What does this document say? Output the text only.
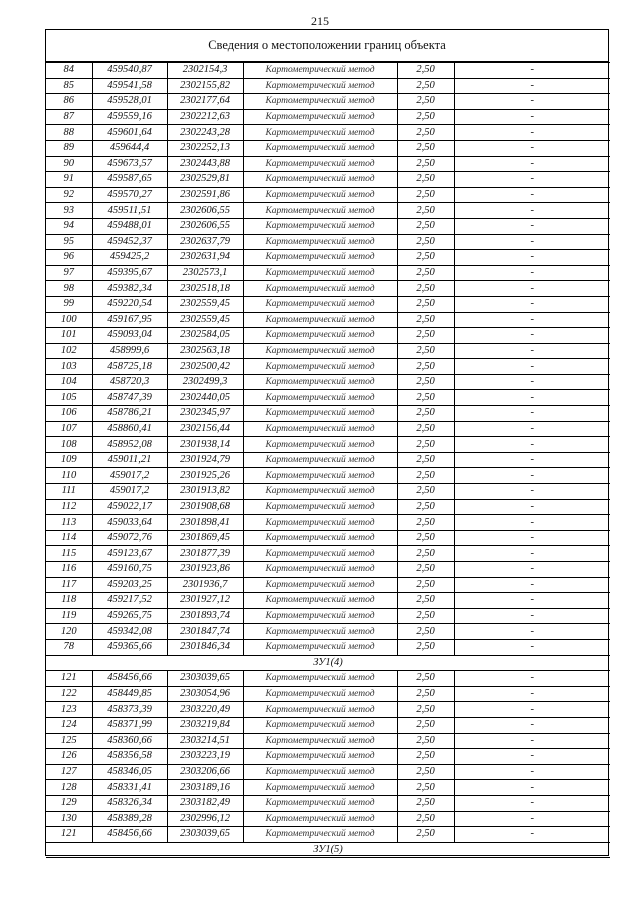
215
Сведения о местоположении границ объекта
84	459540,87	2302154,3	Картометрический метод	2,50	-
85	459541,58	2302155,82	Картометрический метод	2,50	-
86	459528,01	2302177,64	Картометрический метод	2,50	-
87	459559,16	2302212,63	Картометрический метод	2,50	-
88	459601,64	2302243,28	Картометрический метод	2,50	-
89	459644,4	2302252,13	Картометрический метод	2,50	-
90	459673,57	2302443,88	Картометрический метод	2,50	-
91	459587,65	2302529,81	Картометрический метод	2,50	-
92	459570,27	2302591,86	Картометрический метод	2,50	-
93	459511,51	2302606,55	Картометрический метод	2,50	-
94	459488,01	2302606,55	Картометрический метод	2,50	-
95	459452,37	2302637,79	Картометрический метод	2,50	-
96	459425,2	2302631,94	Картометрический метод	2,50	-
97	459395,67	2302573,1	Картометрический метод	2,50	-
98	459382,34	2302518,18	Картометрический метод	2,50	-
99	459220,54	2302559,45	Картометрический метод	2,50	-
100	459167,95	2302559,45	Картометрический метод	2,50	-
101	459093,04	2302584,05	Картометрический метод	2,50	-
102	458999,6	2302563,18	Картометрический метод	2,50	-
103	458725,18	2302500,42	Картометрический метод	2,50	-
104	458720,3	2302499,3	Картометрический метод	2,50	-
105	458747,39	2302440,05	Картометрический метод	2,50	-
106	458786,21	2302345,97	Картометрический метод	2,50	-
107	458860,41	2302156,44	Картометрический метод	2,50	-
108	458952,08	2301938,14	Картометрический метод	2,50	-
109	459011,21	2301924,79	Картометрический метод	2,50	-
110	459017,2	2301925,26	Картометрический метод	2,50	-
111	459017,2	2301913,82	Картометрический метод	2,50	-
112	459022,17	2301908,68	Картометрический метод	2,50	-
113	459033,64	2301898,41	Картометрический метод	2,50	-
114	459072,76	2301869,45	Картометрический метод	2,50	-
115	459123,67	2301877,39	Картометрический метод	2,50	-
116	459160,75	2301923,86	Картометрический метод	2,50	-
117	459203,25	2301936,7	Картометрический метод	2,50	-
118	459217,52	2301927,12	Картометрический метод	2,50	-
119	459265,75	2301893,74	Картометрический метод	2,50	-
120	459342,08	2301847,74	Картометрический метод	2,50	-
78	459365,66	2301846,34	Картометрический метод	2,50	-
ЗУ1(4)					
121	458456,66	2303039,65	Картометрический метод	2,50	-
122	458449,85	2303054,96	Картометрический метод	2,50	-
123	458373,39	2303220,49	Картометрический метод	2,50	-
124	458371,99	2303219,84	Картометрический метод	2,50	-
125	458360,66	2303214,51	Картометрический метод	2,50	-
126	458356,58	2303223,19	Картометрический метод	2,50	-
127	458346,05	2303206,66	Картометрический метод	2,50	-
128	458331,41	2303189,16	Картометрический метод	2,50	-
129	458326,34	2303182,49	Картометрический метод	2,50	-
130	458389,28	2302996,12	Картометрический метод	2,50	-
121	458456,66	2303039,65	Картометрический метод	2,50	-
ЗУ1(5)					
